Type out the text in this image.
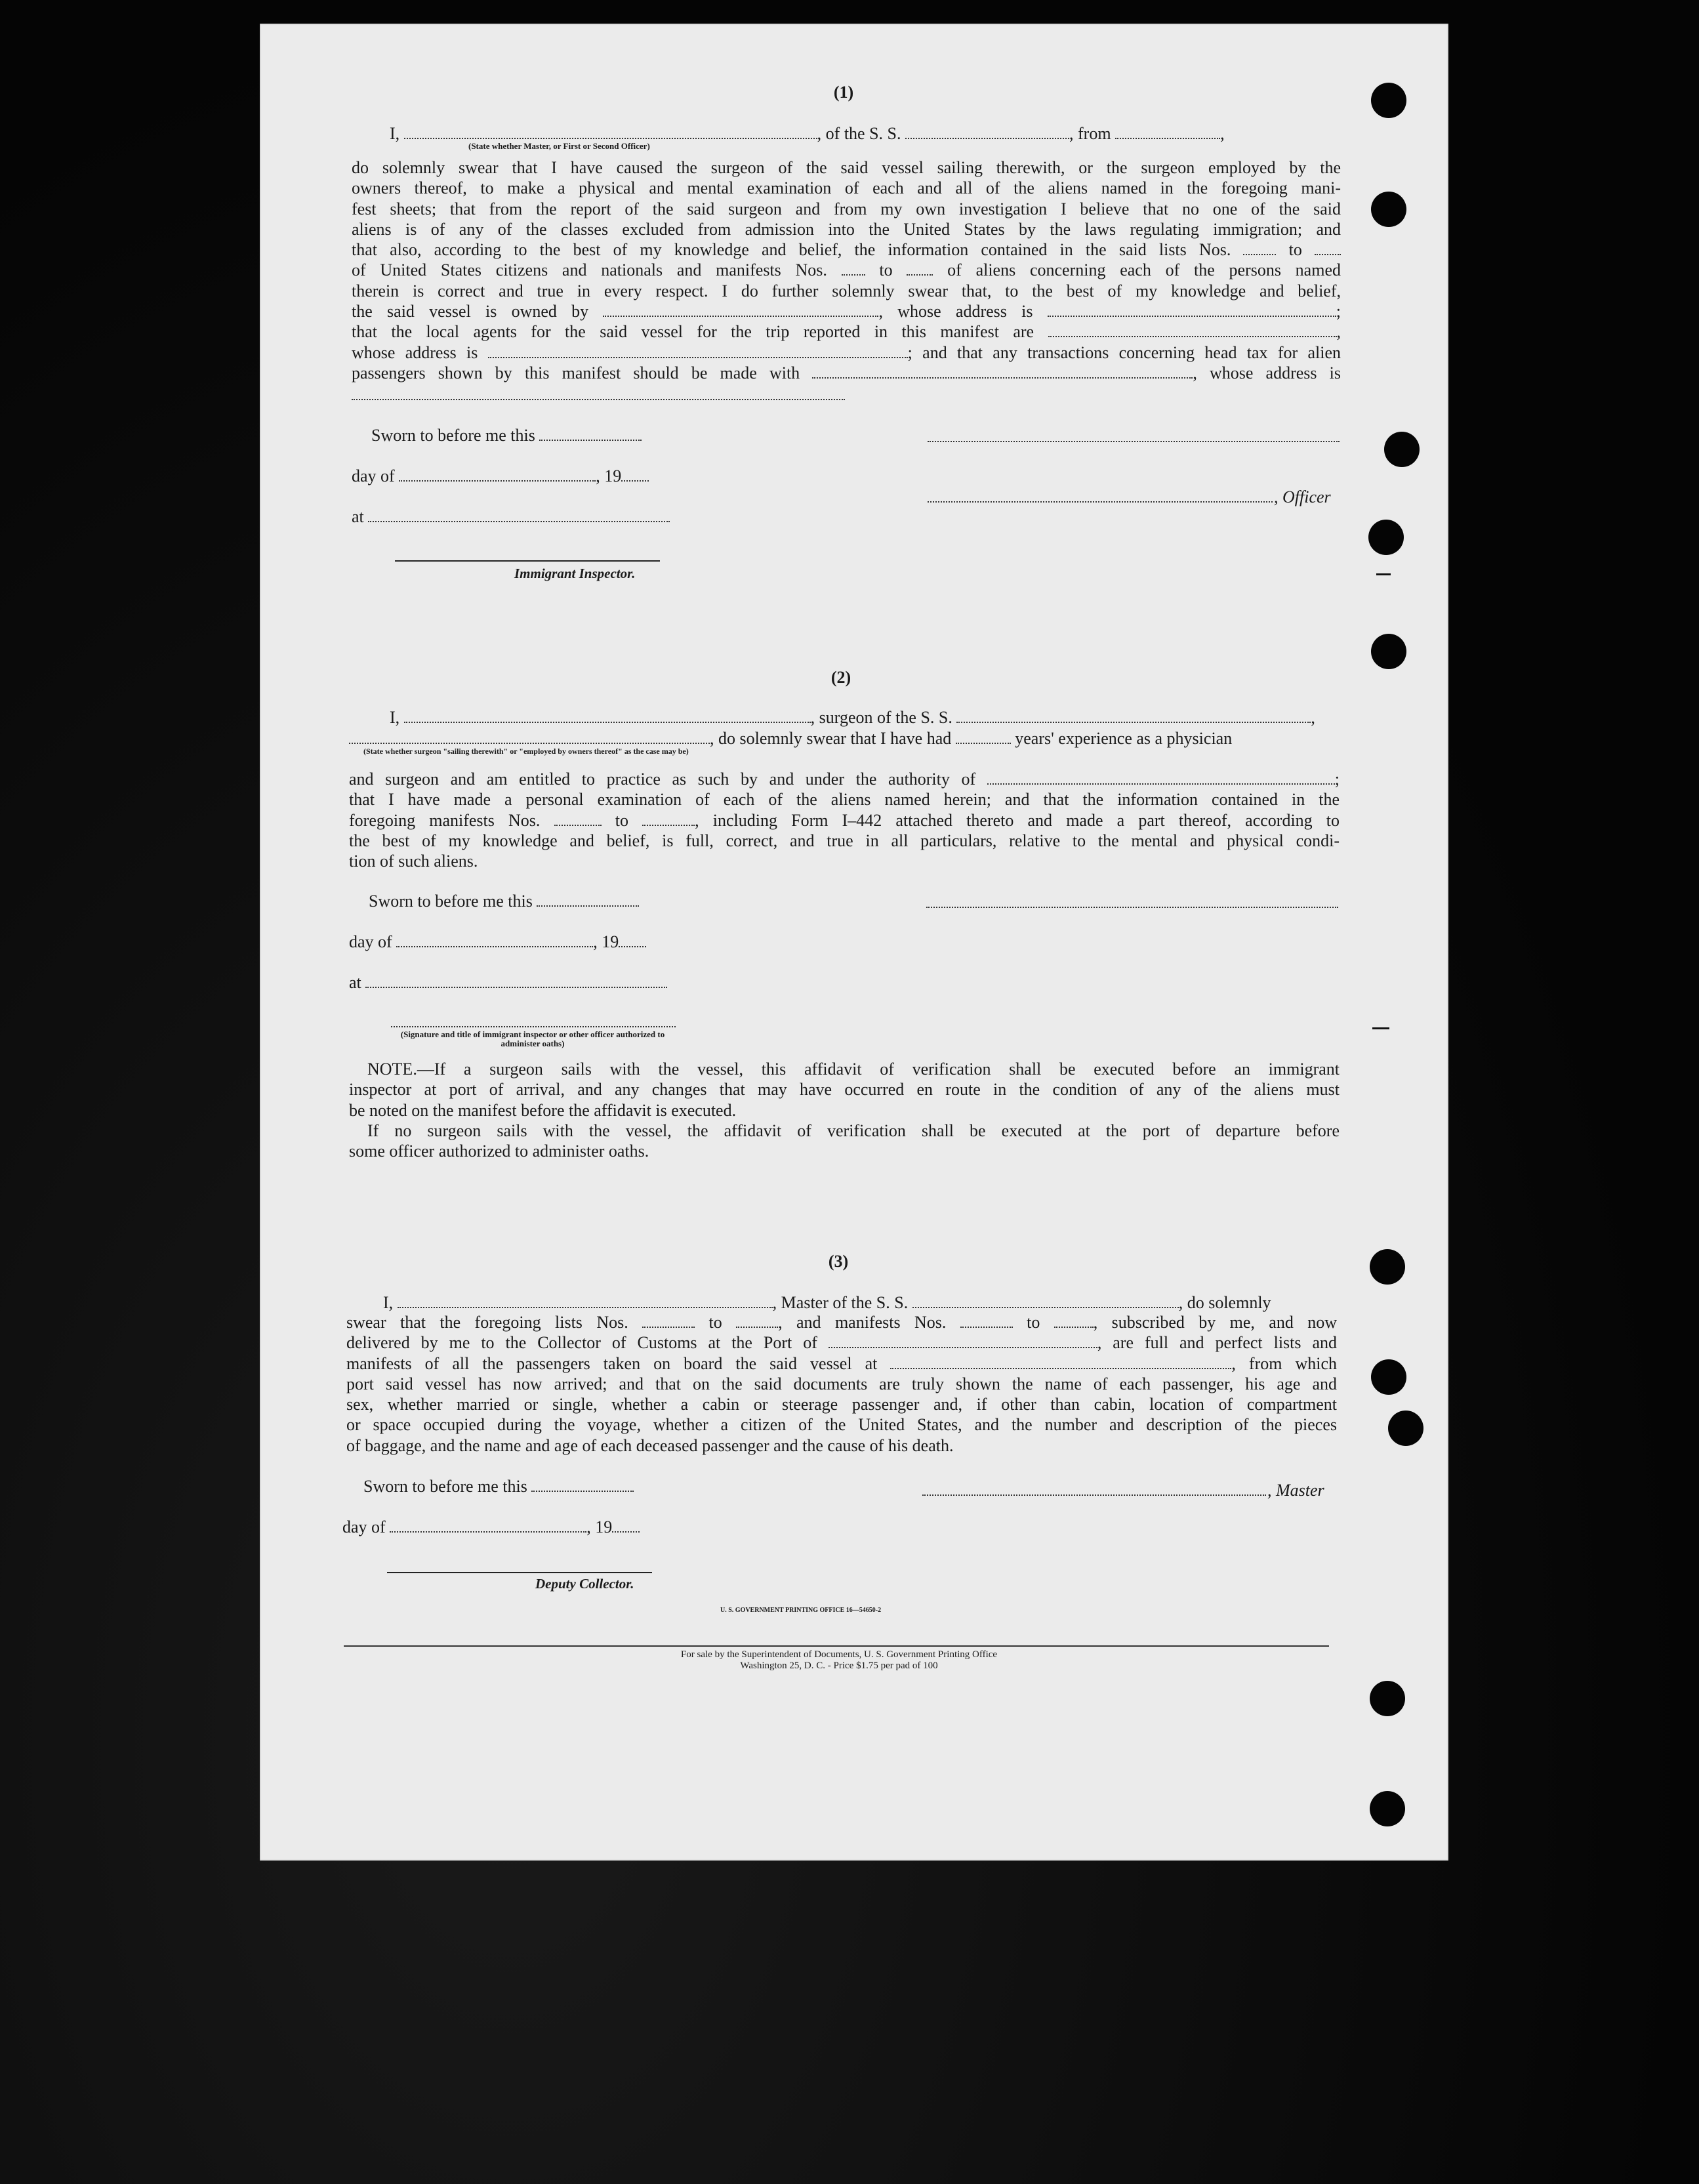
(1)
I,	, of the S. S.	, from	,
(State whether Master, or First or Second Officer)
do solemnly swear that I have caused the surgeon of the said vessel sailing therewith, or the surgeon employed by the
owners thereof, to make a physical and mental examination of each and all of the aliens named in the foregoing mani-
fest sheets; that from the report of the said surgeon and from my own investigation I believe that no one of the said
aliens is of any of the classes excluded from admission into the United States by the laws regulating immigration; and
that also, according to the best of my knowledge and belief, the information contained in the said lists Nos.	to
of United States citizens and nationals and manifests Nos.	to	of aliens concerning each of the persons named
therein is correct and true in every respect. I do further solemnly swear that, to the best of my knowledge and belief,
the said vessel is owned by	, whose address is	;
that the local agents for the said vessel for the trip reported in this manifest are	,
whose address is	; and that any transactions concerning head tax for alien
passengers shown by this manifest should be made with	, whose address is
Sworn to before me this
day of	, 19
, Officer
at
Immigrant Inspector.
(2)
I,	, surgeon of the S. S.	,
, do solemnly swear that I have had	years' experience as a physician
(State whether surgeon "sailing therewith" or "employed by owners thereof" as the case may be)
and surgeon and am entitled to practice as such by and under the authority of	;
that I have made a personal examination of each of the aliens named herein; and that the information contained in the
foregoing manifests Nos.	to	, including Form I–442 attached thereto and made a part thereof, according to
the best of my knowledge and belief, is full, correct, and true in all particulars, relative to the mental and physical condi-
tion of such aliens.
Sworn to before me this
day of	, 19
at
(Signature and title of immigrant inspector or other officer authorized to administer oaths)
NOTE.—If a surgeon sails with the vessel, this affidavit of verification shall be executed before an immigrant
inspector at port of arrival, and any changes that may have occurred en route in the condition of any of the aliens must
be noted on the manifest before the affidavit is executed.
If no surgeon sails with the vessel, the affidavit of verification shall be executed at the port of departure before
some officer authorized to administer oaths.
(3)
I,	, Master of the S. S.	, do solemnly
swear that the foregoing lists Nos.	to	, and manifests Nos.	to	, subscribed by me, and now
delivered by me to the Collector of Customs at the Port of	, are full and perfect lists and
manifests of all the passengers taken on board the said vessel at	, from which
port said vessel has now arrived; and that on the said documents are truly shown the name of each passenger, his age and
sex, whether married or single, whether a cabin or steerage passenger and, if other than cabin, location of compartment
or space occupied during the voyage, whether a citizen of the United States, and the number and description of the pieces
of baggage, and the name and age of each deceased passenger and the cause of his death.
Sworn to before me this	, Master
day of	, 19
Deputy Collector.
U. S. GOVERNMENT PRINTING OFFICE 16—54650-2
For sale by the Superintendent of Documents, U. S. Government Printing Office
Washington 25, D. C. - Price $1.75 per pad of 100
